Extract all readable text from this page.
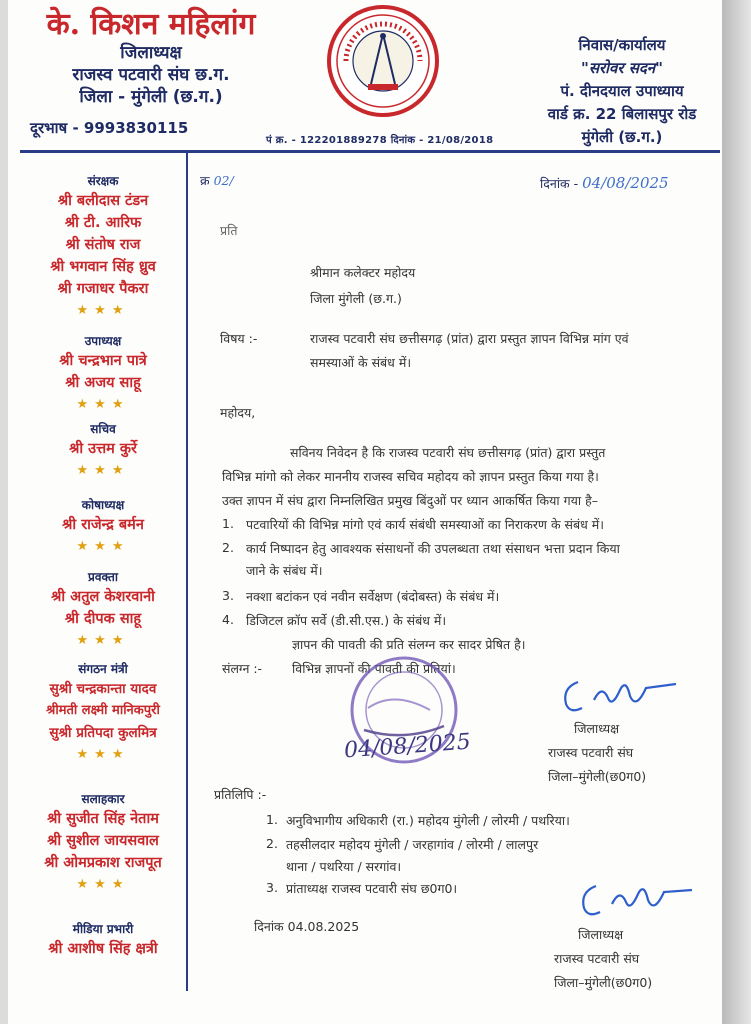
के. किशन महिलांग
जिलाध्यक्ष
राजस्व पटवारी संघ छ.ग.
जिला - मुंगेली (छ.ग.)
दूरभाष - 9993830115
निवास/कार्यालय
"सरोवर सदन"
पं. दीनदयाल उपाध्याय
वार्ड क्र. 22 बिलासपुर रोड
मुंगेली (छ.ग.)
पं क्र. - 122201889278 दिनांक - 21/08/2018
संरक्षक
श्री बलीदास टंडन
श्री टी. आरिफ
श्री संतोष राज
श्री भगवान सिंह ध्रुव
श्री गजाधर पैकरा
★★★
उपाध्यक्ष
श्री चन्द्रभान पात्रे
श्री अजय साहू
★★★
सचिव
श्री उत्तम कुर्रे
★★★
कोषाध्यक्ष
श्री राजेन्द्र बर्मन
★★★
प्रवक्ता
श्री अतुल केशरवानी
श्री दीपक साहू
★★★
संगठन मंत्री
सुश्री चन्द्रकान्ता यादव
श्रीमती लक्ष्मी मानिकपुरी
सुश्री प्रतिपदा कुलमित्र
★★★
सलाहकार
श्री सुजीत सिंह नेताम
श्री सुशील जायसवाल
श्री ओमप्रकाश राजपूत
★★★
मीडिया प्रभारी
श्री आशीष सिंह क्षत्री
क्र 02/	दिनांक - 04/08/2025
प्रति
श्रीमान कलेक्टर महोदय
जिला मुंगेली (छ.ग.)
विषय :-	राजस्व पटवारी संघ छत्तीसगढ़ (प्रांत) द्वारा प्रस्तुत ज्ञापन विभिन्न मांग एवं
समस्याओं के संबंध में।
महोदय,
सविनय निवेदन है कि राजस्व पटवारी संघ छत्तीसगढ़ (प्रांत) द्वारा प्रस्तुत
विभिन्न मांगो को लेकर माननीय राजस्व सचिव महोदय को ज्ञापन प्रस्तुत किया गया है।
उक्त ज्ञापन में संघ द्वारा निम्नलिखित प्रमुख बिंदुओं पर ध्यान आकर्षित किया गया है–
1. पटवारियों की विभिन्न मांगो एवं कार्य संबंधी समस्याओं का निराकरण के संबंध में।
2. कार्य निष्पादन हेतु आवश्यक संसाधनों की उपलब्धता तथा संसाधन भत्ता प्रदान किया
जाने के संबंध में।
3. नक्शा बटांकन एवं नवीन सर्वेक्षण (बंदोबस्त) के संबंध में।
4. डिजिटल क्रॉप सर्वे (डी.सी.एस.) के संबंध में।
ज्ञापन की पावती की प्रति संलग्न कर सादर प्रेषित है।
संलग्न :- विभिन्न ज्ञापनों की पावती की प्रतियां।
04/08/2025
जिलाध्यक्ष
राजस्व पटवारी संघ
जिला–मुंगेली(छ0ग0)
प्रतिलिपि :-
1. अनुविभागीय अधिकारी (रा.) महोदय मुंगेली / लोरमी / पथरिया।
2. तहसीलदार महोदय मुंगेली / जरहागांव / लोरमी / लालपुर
थाना / पथरिया / सरगांव।
3. प्रांताध्यक्ष राजस्व पटवारी संघ छ0ग0।
दिनांक 04.08.2025
जिलाध्यक्ष
राजस्व पटवारी संघ
जिला–मुंगेली(छ0ग0)
